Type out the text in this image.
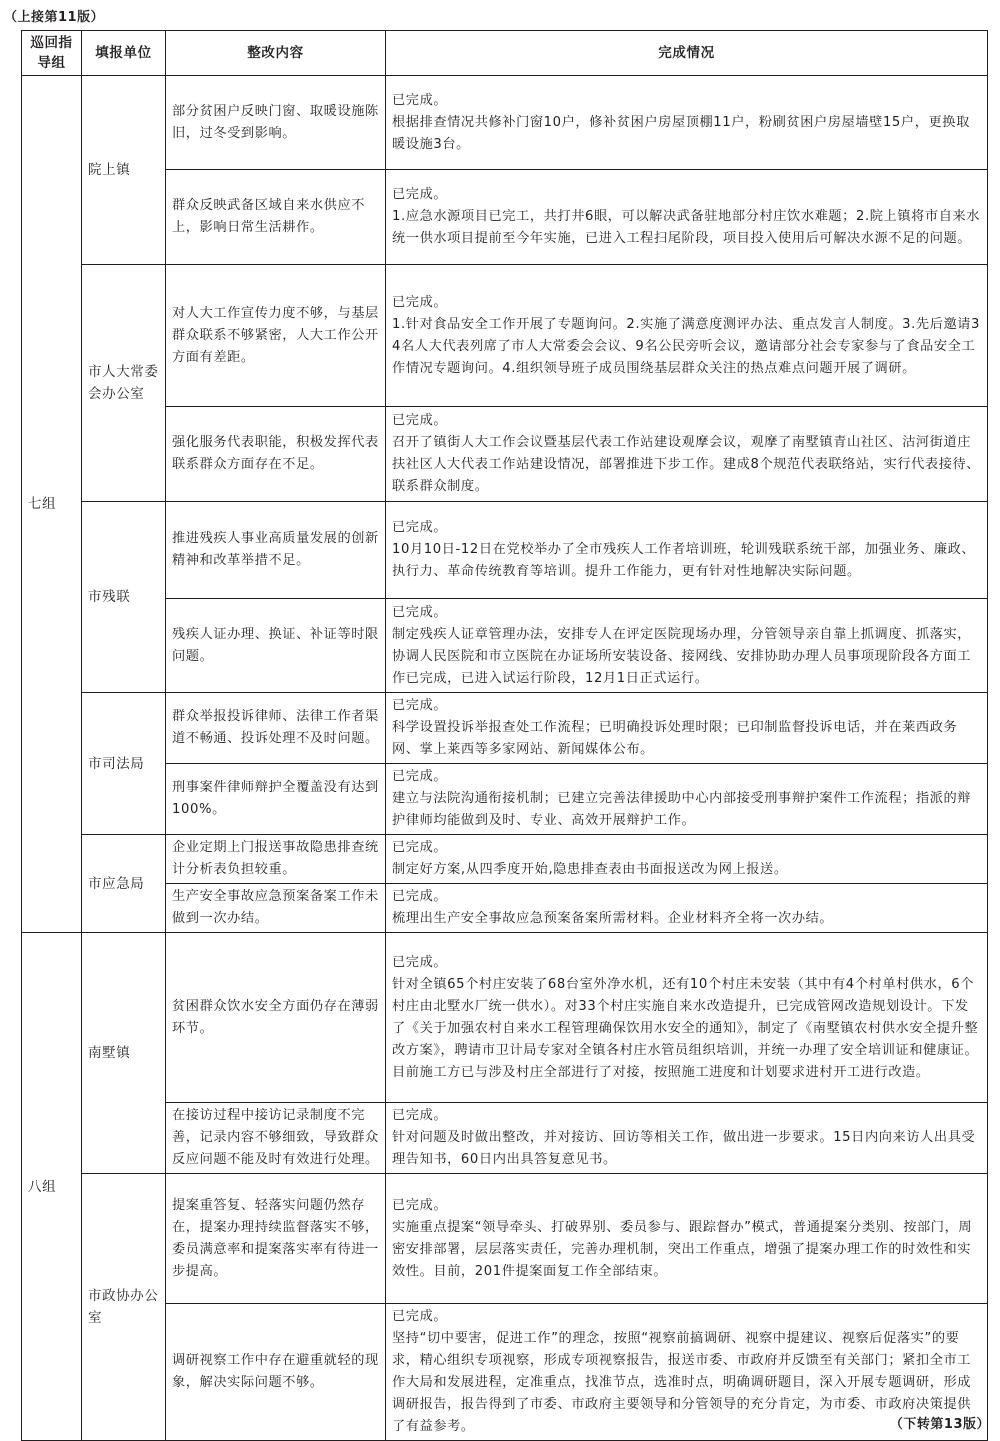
（上接第11版）
巡回指导组	填报单位	整改内容	完成情况
七组	院上镇	部分贫困户反映门窗、取暖设施陈旧，过冬受到影响。	已完成。
根据排查情况共修补门窗10户，修补贫困户房屋顶棚11户，粉刷贫困户房屋墙壁15户，更换取暖设施3台。

		群众反映武备区域自来水供应不上，影响日常生活耕作。	已完成。
1.应急水源项目已完工，共打井6眼，可以解决武备驻地部分村庄饮水难题；2.院上镇将市自来水统一供水项目提前至今年实施，已进入工程扫尾阶段，项目投入使用后可解决水源不足的问题。

	市人大常委会办公室	对人大工作宣传力度不够，与基层群众联系不够紧密，人大工作公开方面有差距。	已完成。
1.针对食品安全工作开展了专题询问。2.实施了满意度测评办法、重点发言人制度。3.先后邀请34名人大代表列席了市人大常委会会议、9名公民旁听会议，邀请部分社会专家参与了食品安全工作情况专题询问。4.组织领导班子成员围绕基层群众关注的热点难点问题开展了调研。

		强化服务代表职能，积极发挥代表联系群众方面存在不足。	已完成。
召开了镇街人大工作会议暨基层代表工作站建设观摩会议，观摩了南墅镇青山社区、沽河街道庄扶社区人大代表工作站建设情况，部署推进下步工作。建成8个规范代表联络站，实行代表接待、联系群众制度。

	市残联	推进残疾人事业高质量发展的创新精神和改革举措不足。	已完成。
10月10日-12日在党校举办了全市残疾人工作者培训班，轮训残联系统干部，加强业务、廉政、执行力、革命传统教育等培训。提升工作能力，更有针对性地解决实际问题。

		残疾人证办理、换证、补证等时限问题。	已完成。
制定残疾人证章管理办法，安排专人在评定医院现场办理，分管领导亲自靠上抓调度、抓落实，协调人民医院和市立医院在办证场所安装设备、接网线、安排协助办理人员事项现阶段各方面工作已完成，已进入试运行阶段，12月1日正式运行。

	市司法局	群众举报投诉律师、法律工作者渠道不畅通、投诉处理不及时问题。	已完成。
科学设置投诉举报查处工作流程；已明确投诉处理时限；已印制监督投诉电话，并在莱西政务网、掌上莱西等多家网站、新闻媒体公布。

		刑事案件律师辩护全覆盖没有达到100%。	已完成。
建立与法院沟通衔接机制；已建立完善法律援助中心内部接受刑事辩护案件工作流程；指派的辩护律师均能做到及时、专业、高效开展辩护工作。

	市应急局	企业定期上门报送事故隐患排查统计分析表负担较重。	已完成。
制定好方案,从四季度开始,隐患排查表由书面报送改为网上报送。

		生产安全事故应急预案备案工作未做到一次办结。	已完成。
梳理出生产安全事故应急预案备案所需材料。企业材料齐全将一次办结。

八组	南墅镇	贫困群众饮水安全方面仍存在薄弱环节。	已完成。
针对全镇65个村庄安装了68台室外净水机，还有10个村庄未安装（其中有4个村单村供水，6个村庄由北墅水厂统一供水）。对33个村庄实施自来水改造提升，已完成管网改造规划设计。下发了《关于加强农村自来水工程管理确保饮用水安全的通知》，制定了《南墅镇农村供水安全提升整改方案》，聘请市卫计局专家对全镇各村庄水管员组织培训，并统一办理了安全培训证和健康证。目前施工方已与涉及村庄全部进行了对接，按照施工进度和计划要求进村开工进行改造。

		在接访过程中接访记录制度不完善，记录内容不够细致，导致群众反应问题不能及时有效进行处理。	已完成。
针对问题及时做出整改，并对接访、回访等相关工作，做出进一步要求。15日内向来访人出具受理告知书，60日内出具答复意见书。

	市政协办公室	提案重答复、轻落实问题仍然存在，提案办理持续监督落实不够，委员满意率和提案落实率有待进一步提高。	已完成。
实施重点提案“领导牵头、打破界别、委员参与、跟踪督办”模式，普通提案分类别、按部门，周密安排部署，层层落实责任，完善办理机制，突出工作重点，增强了提案办理工作的时效性和实效性。目前，201件提案面复工作全部结束。

		调研视察工作中存在避重就轻的现象，解决实际问题不够。	已完成。
坚持“切中要害，促进工作”的理念，按照“视察前搞调研、视察中提建议、视察后促落实”的要求，精心组织专项视察，形成专项视察报告，报送市委、市政府并反馈至有关部门；紧扣全市工作大局和发展进程，定准重点，找准节点，选准时点，明确调研题目，深入开展专题调研，形成调研报告，报告得到了市委、市政府主要领导和分管领导的充分肯定，为市委、市政府决策提供了有益参考。	（下转第13版）
